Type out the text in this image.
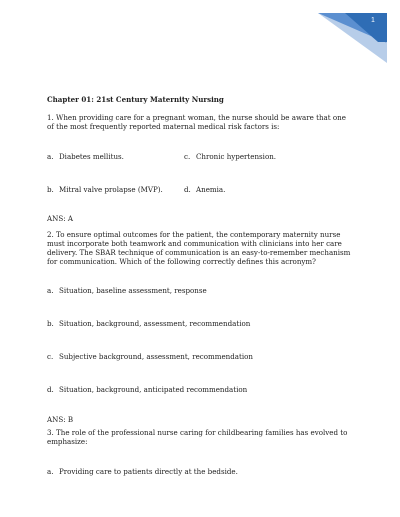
1

Chapter 01: 21st Century Maternity Nursing

1. When providing care for a pregnant woman, the nurse should be aware that one of the most frequently reported maternal medical risk factors is:

a. Diabetes mellitus.	c. Chronic hypertension.
b. Mitral valve prolapse (MVP).	d. Anemia.

ANS: A

2. To ensure optimal outcomes for the patient, the contemporary maternity nurse must incorporate both teamwork and communication with clinicians into her care delivery. The SBAR technique of communication is an easy-to-remember mechanism for communication. Which of the following correctly defines this acronym?

a. Situation, baseline assessment, response
b. Situation, background, assessment, recommendation
c. Subjective background, assessment, recommendation
d. Situation, background, anticipated recommendation

ANS: B

3. The role of the professional nurse caring for childbearing families has evolved to emphasize:

a. Providing care to patients directly at the bedside.
